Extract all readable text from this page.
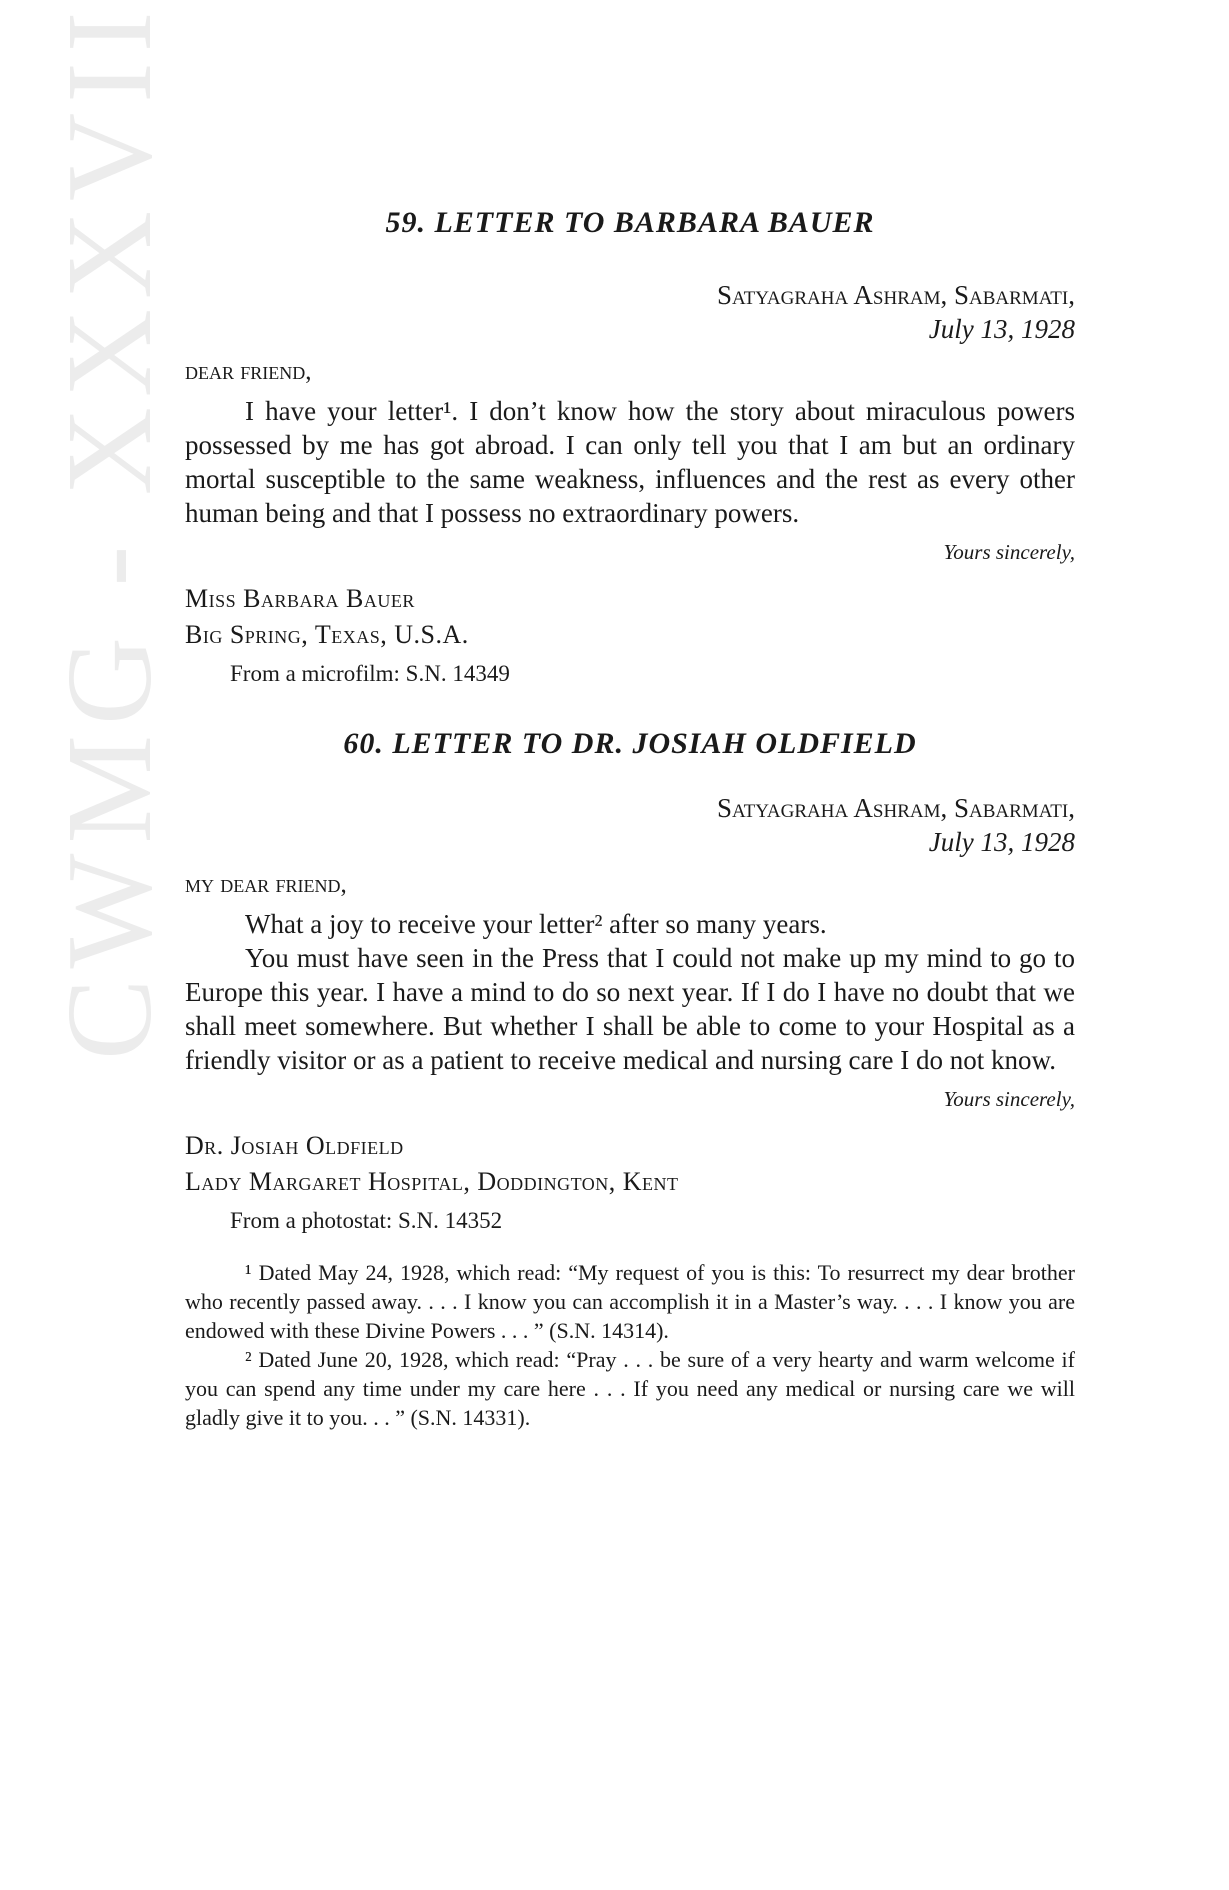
CWMG - XXXVII	59. LETTER TO BARBARA BAUER

Satyagraha Ashram, Sabarmati,

July 13, 1928

dear friend,

I have your letter¹. I don’t know how the story about miraculous powers possessed by me has got abroad. I can only tell you that I am but an ordinary mortal susceptible to the same weakness, influences and the rest as every other human being and that I possess no extraordinary powers.

Yours sincerely,

Miss Barbara Bauer

Big Spring, Texas, U.S.A.

From a microfilm: S.N. 14349

60. LETTER TO DR. JOSIAH OLDFIELD

Satyagraha Ashram, Sabarmati,

July 13, 1928

my dear friend,

What a joy to receive your letter² after so many years.

You must have seen in the Press that I could not make up my mind to go to Europe this year. I have a mind to do so next year. If I do I have no doubt that we shall meet somewhere. But whether I shall be able to come to your Hospital as a friendly visitor or as a patient to receive medical and nursing care I do not know.

Yours sincerely,

Dr. Josiah Oldfield

Lady Margaret Hospital, Doddington, Kent

From a photostat: S.N. 14352

¹ Dated May 24, 1928, which read: “My request of you is this: To resurrect my dear brother who recently passed away. . . . I know you can accomplish it in a Master’s way. . . . I know you are endowed with these Divine Powers . . . ” (S.N. 14314).

² Dated June 20, 1928, which read: “Pray . . . be sure of a very hearty and warm welcome if you can spend any time under my care here . . . If you need any medical or nursing care we will gladly give it to you. . . ” (S.N. 14331).
